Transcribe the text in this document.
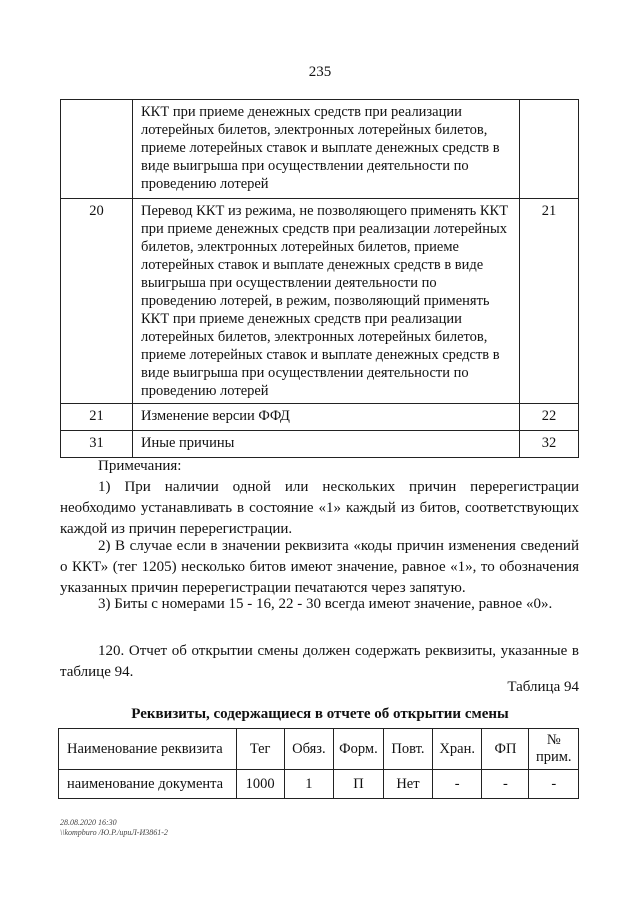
235
	ККТ при приеме денежных средств при реализации лотерейных билетов, электронных лотерейных билетов, приеме лотерейных ставок и выплате денежных средств в виде выигрыша при осуществлении деятельности по проведению лотерей	
20	Перевод ККТ из режима, не позволяющего применять ККТ при приеме денежных средств при реализации лотерейных билетов, электронных лотерейных билетов, приеме лотерейных ставок и выплате денежных средств в виде выигрыша при осуществлении деятельности по проведению лотерей, в режим, позволяющий применять ККТ при приеме денежных средств при реализации лотерейных билетов, электронных лотерейных билетов, приеме лотерейных ставок и выплате денежных средств в виде выигрыша при осуществлении деятельности по проведению лотерей	21
21	Изменение версии ФФД	22
31	Иные причины	32
Примечания:
1) При наличии одной или нескольких причин перерегистрации необходимо устанавливать в состояние «1» каждый из битов, соответствующих каждой из причин перерегистрации.
2) В случае если в значении реквизита «коды причин изменения сведений о ККТ» (тег 1205) несколько битов имеют значение, равное «1», то обозначения указанных причин перерегистрации печатаются через запятую.
3) Биты с номерами 15 - 16, 22 - 30 всегда имеют значение, равное «0».
120. Отчет об открытии смены должен содержать реквизиты, указанные в таблице 94.
Таблица 94
Реквизиты, содержащиеся в отчете об открытии смены
Наименование реквизита	Тег	Обяз.	Форм.	Повт.	Хран.	ФП	№ прим.
наименование документа	1000	1	П	Нет	-	-	-
28.08.2020 16:30
\\kompburo /Ю.Р./ириЛ-И3861-2
